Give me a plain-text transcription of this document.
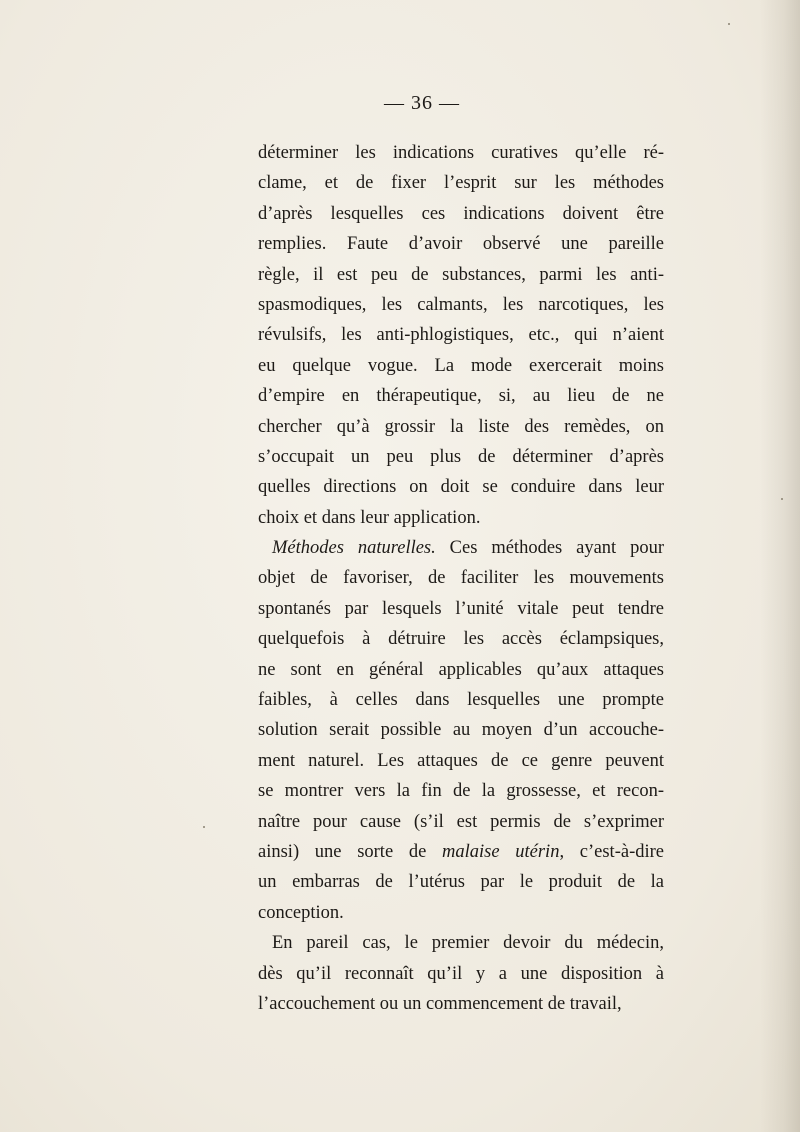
— 36 —
déterminer les indications curatives qu’elle ré-
clame, et de fixer l’esprit sur les méthodes
d’après lesquelles ces indications doivent être
remplies. Faute d’avoir observé une pareille
règle, il est peu de substances, parmi les anti-
spasmodiques, les calmants, les narcotiques, les
révulsifs, les anti-phlogistiques, etc., qui n’aient
eu quelque vogue. La mode exercerait moins
d’empire en thérapeutique, si, au lieu de ne
chercher qu’à grossir la liste des remèdes, on
s’occupait un peu plus de déterminer d’après
quelles directions on doit se conduire dans leur
choix et dans leur application.
Méthodes naturelles. Ces méthodes ayant pour
objet de favoriser, de faciliter les mouvements
spontanés par lesquels l’unité vitale peut tendre
quelquefois à détruire les accès éclampsiques,
ne sont en général applicables qu’aux attaques
faibles, à celles dans lesquelles une prompte
solution serait possible au moyen d’un accouche-
ment naturel. Les attaques de ce genre peuvent
se montrer vers la fin de la grossesse, et recon-
naître pour cause (s’il est permis de s’exprimer
ainsi) une sorte de malaise utérin, c’est-à-dire
un embarras de l’utérus par le produit de la
conception.
En pareil cas, le premier devoir du médecin,
dès qu’il reconnaît qu’il y a une disposition à
l’accouchement ou un commencement de travail,
